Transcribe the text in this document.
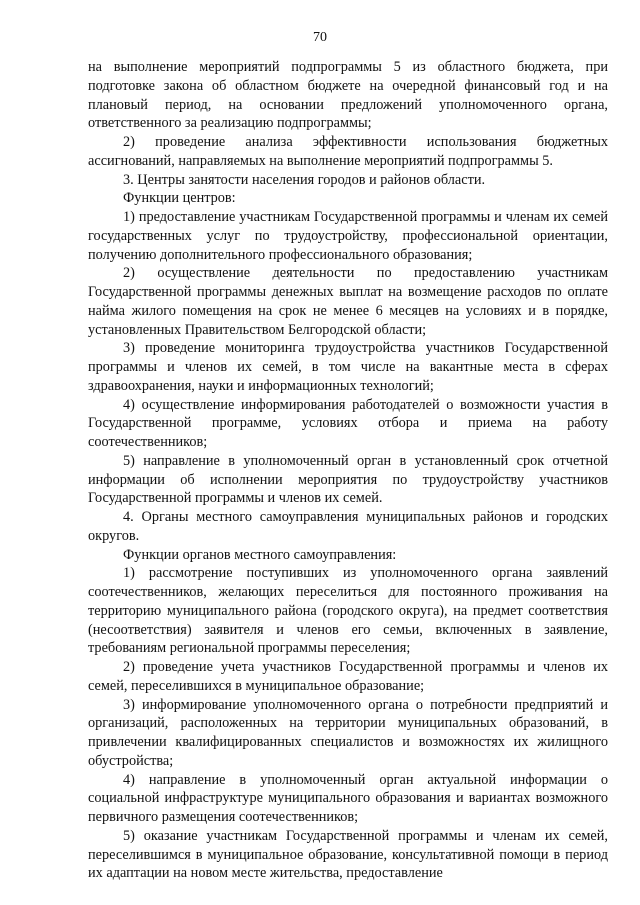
70

на выполнение мероприятий подпрограммы 5 из областного бюджета, при подготовке закона об областном бюджете на очередной финансовый год и на плановый период, на основании предложений уполномоченного органа, ответственного за реализацию подпрограммы;

2) проведение анализа эффективности использования бюджетных ассигнований, направляемых на выполнение мероприятий подпрограммы 5.

3. Центры занятости населения городов и районов области.

Функции центров:

1) предоставление участникам Государственной программы и членам их семей государственных услуг по трудоустройству, профессиональной ориентации, получению дополнительного профессионального образования;

2) осуществление деятельности по предоставлению участникам Государственной программы денежных выплат на возмещение расходов по оплате найма жилого помещения на срок не менее 6 месяцев на условиях и в порядке, установленных Правительством Белгородской области;

3) проведение мониторинга трудоустройства участников Государственной программы и членов их семей, в том числе на вакантные места в сферах здравоохранения, науки и информационных технологий;

4) осуществление информирования работодателей о возможности участия в Государственной программе, условиях отбора и приема на работу соотечественников;

5) направление в уполномоченный орган в установленный срок отчетной информации об исполнении мероприятия по трудоустройству участников Государственной программы и членов их семей.

4. Органы местного самоуправления муниципальных районов и городских округов.

Функции органов местного самоуправления:

1) рассмотрение поступивших из уполномоченного органа заявлений соотечественников, желающих переселиться для постоянного проживания на территорию муниципального района (городского округа), на предмет соответствия (несоответствия) заявителя и членов его семьи, включенных в заявление, требованиям региональной программы переселения;

2) проведение учета участников Государственной программы и членов их семей, переселившихся в муниципальное образование;

3) информирование уполномоченного органа о потребности предприятий и организаций, расположенных на территории муниципальных образований, в привлечении квалифицированных специалистов и возможностях их жилищного обустройства;

4) направление в уполномоченный орган актуальной информации о социальной инфраструктуре муниципального образования и вариантах возможного первичного размещения соотечественников;

5) оказание участникам Государственной программы и членам их семей, переселившимся в муниципальное образование, консультативной помощи в период их адаптации на новом месте жительства, предоставление
